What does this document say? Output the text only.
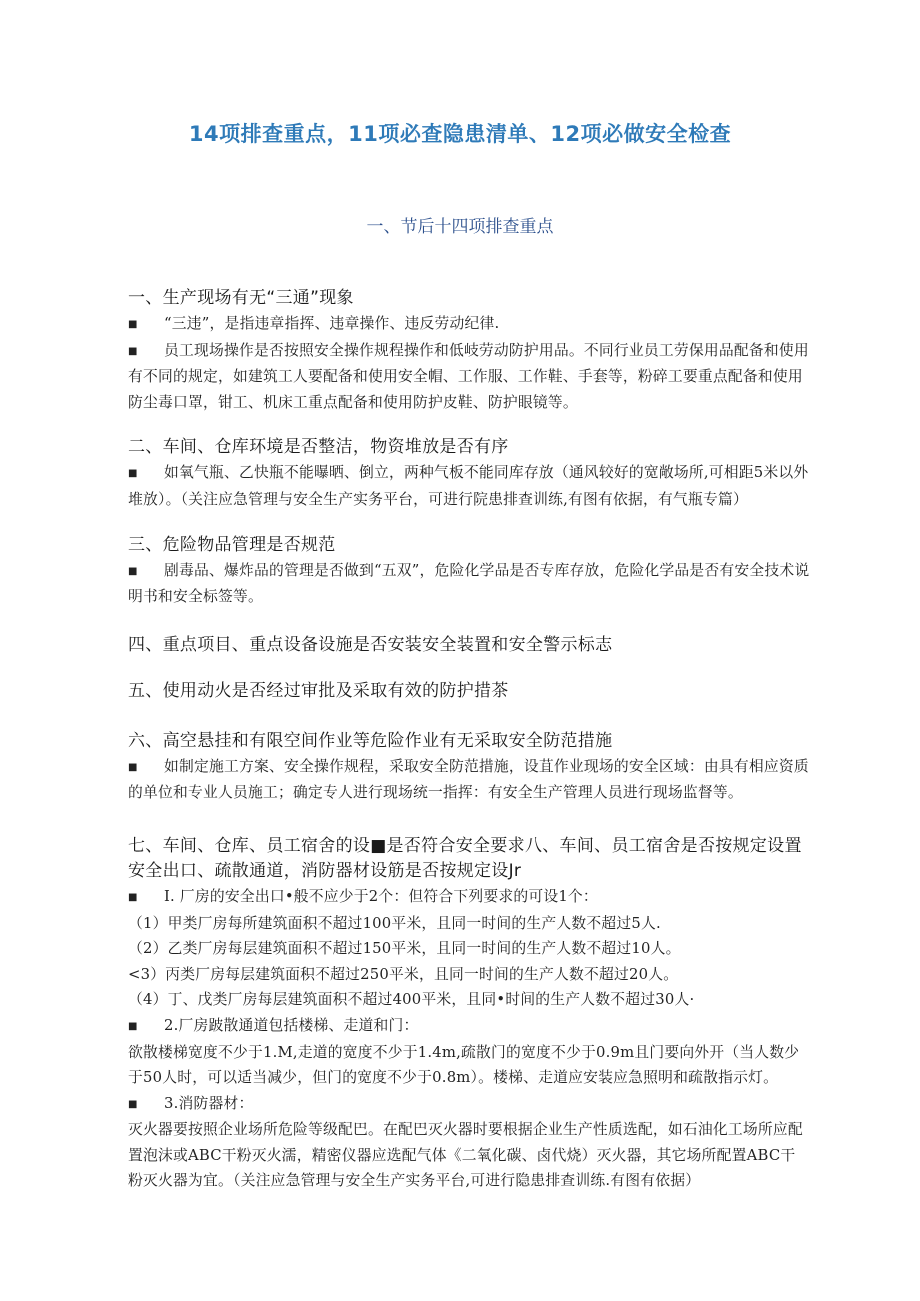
14项排查重点，11项必查隐患清单、12项必做安全检查
一、节后十四项排查重点
一、生产现场有无“三通”现象

■ “三违”，是指违章指挥、违章操作、违反劳动纪律.

■ 员工现场操作是否按照安全操作规程操作和低岐劳动防护用品。不同行业员工劳保用品配备和使用有不同的规定，如建筑工人要配备和使用安全帽、工作服、工作鞋、手套等，粉碎工要重点配备和使用防尘毒口罩，钳工、机床工重点配备和使用防护皮鞋、防护眼镜等。

二、车间、仓库环境是否整洁，物资堆放是否有序

■ 如氧气瓶、乙快瓶不能曝晒、倒立，两种气板不能同库存放（通风较好的宽敞场所,可相距5米以外堆放）。（关注应急管理与安全生产实务平台，可进行院患排查训练,有图有依据，有气瓶专篇）

三、危险物品管理是否规范

■ 剧毒品、爆炸品的管理是否做到“五双”，危险化学品是否专库存放，危险化学品是否有安全技术说明书和安全标签等。

四、重点项目、重点设备设施是否安装安全装置和安全警示标志
五、使用动火是否经过审批及采取有效的防护措茶
六、高空悬挂和有限空间作业等危险作业有无采取安全防范措施

■ 如制定施工方案、安全操作规程，采取安全防范措施，设苴作业现场的安全区域：由具有相应资质的单位和专业人员施工；确定专人进行现场统一指挥：有安全生产管理人员进行现场监督等。

七、车间、仓库、员工宿舍的设■是否符合安全要求八、车间、员工宿舍是否按规定设置安全出口、疏散通道，消防器材设筋是否按规定设Jr

■ I. 厂房的安全出口•般不应少于2个：但符合下列要求的可设1个：

（1）甲类厂房每所建筑面积不超过100平米，且同一时间的生产人数不超过5人.

（2）乙类厂房每层建筑面积不超过150平米，且同一时间的生产人数不超过10人。

<3）丙类厂房每层建筑面积不超过250平米，且同一时间的生产人数不超过20人。

（4）丁、戊类厂房每层建筑面积不超过400平米，且同•时间的生产人数不超过30人·

■ 2.厂房跛散通道包括楼梯、走道和门：

欲散楼梯宽度不少于1.M,走道的宽度不少于1.4m,疏散门的宽度不少于0.9m且门要向外开（当人数少于50人时，可以适当减少，但门的宽度不少于0.8m）。楼梯、走道应安装应急照明和疏散指示灯。

■ 3.消防器材：

灭火器要按照企业场所危险等级配巴。在配巴灭火器时要根据企业生产性质选配，如石油化工场所应配置泡沫或ABC干粉灭火濡，精密仪器应选配气体《二氧化碳、卤代烧）灭火器，其它场所配置ABC干粉灭火器为宜。（关注应急管理与安全生产实务平台,可进行隐患排查训练.有图有依据）
